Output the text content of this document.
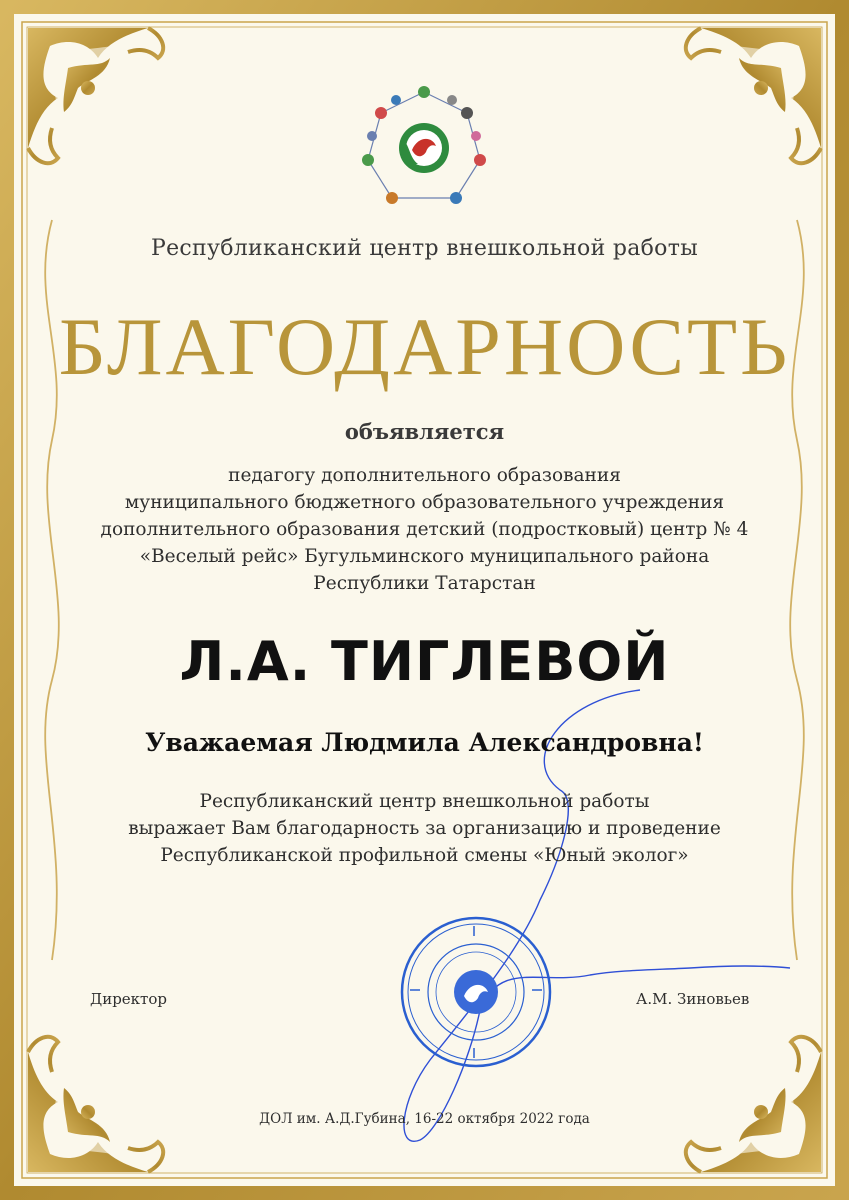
Республиканский центр внешкольной работы
БЛАГОДАРНОСТЬ
объявляется
педагогу дополнительного образования
муниципального бюджетного образовательного учреждения
дополнительного образования детский (подростковый) центр № 4
«Веселый рейс» Бугульминского муниципального района
Республики Татарстан
Л.А. ТИГЛЕВОЙ
Уважаемая Людмила Александровна!
Республиканский центр внешкольной работы
выражает Вам благодарность за организацию и проведение
Республиканской профильной смены «Юный эколог»
Директор	А.М. Зиновьев
ДОЛ им. А.Д.Губина, 16-22 октября 2022 года
